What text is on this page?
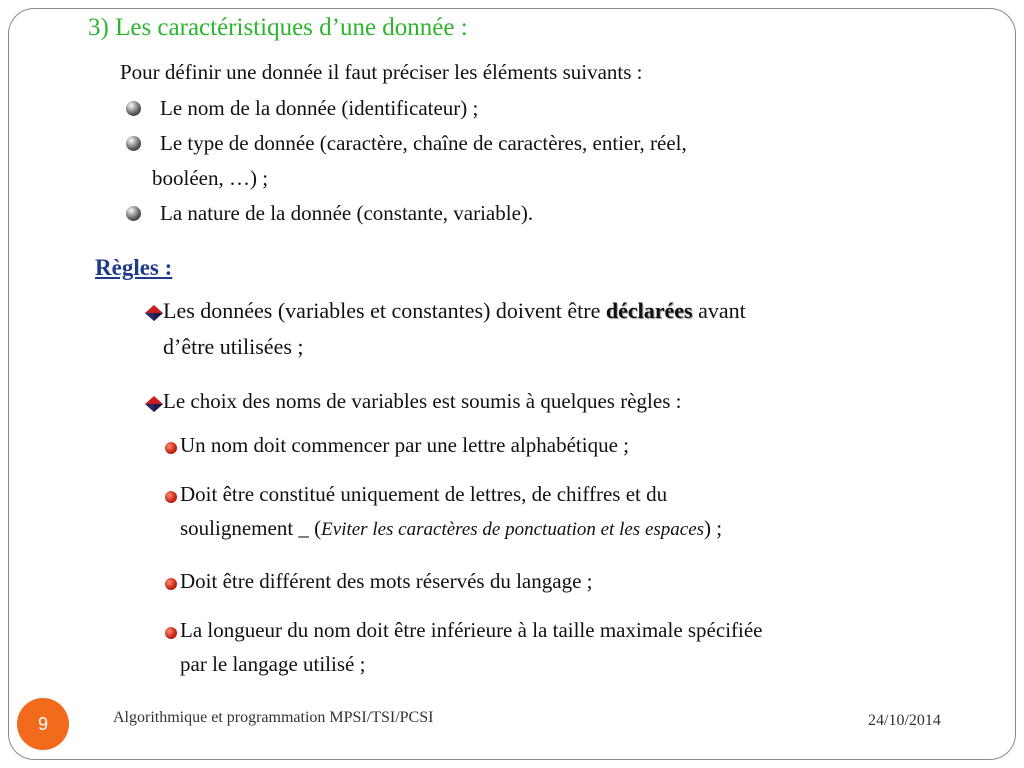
3) Les caractéristiques d’une donnée :
Pour définir une donnée il faut préciser les éléments suivants :
Le nom de la donnée (identificateur) ;
Le type de donnée (caractère, chaîne de caractères, entier, réel,
booléen, …) ;
La nature de la donnée (constante, variable).
Règles :
Les données (variables et constantes) doivent être déclarées avant
d’être utilisées ;
Le choix des noms de variables est soumis à quelques règles :
Un nom doit commencer par une lettre alphabétique ;
Doit être constitué uniquement de lettres, de chiffres et du
soulignement _ (Eviter les caractères de ponctuation et les espaces) ;
Doit être différent des mots réservés du langage ;
La longueur du nom doit être inférieure à la taille maximale spécifiée
par le langage utilisé ;
9	Algorithmique et programmation MPSI/TSI/PCSI	24/10/2014
